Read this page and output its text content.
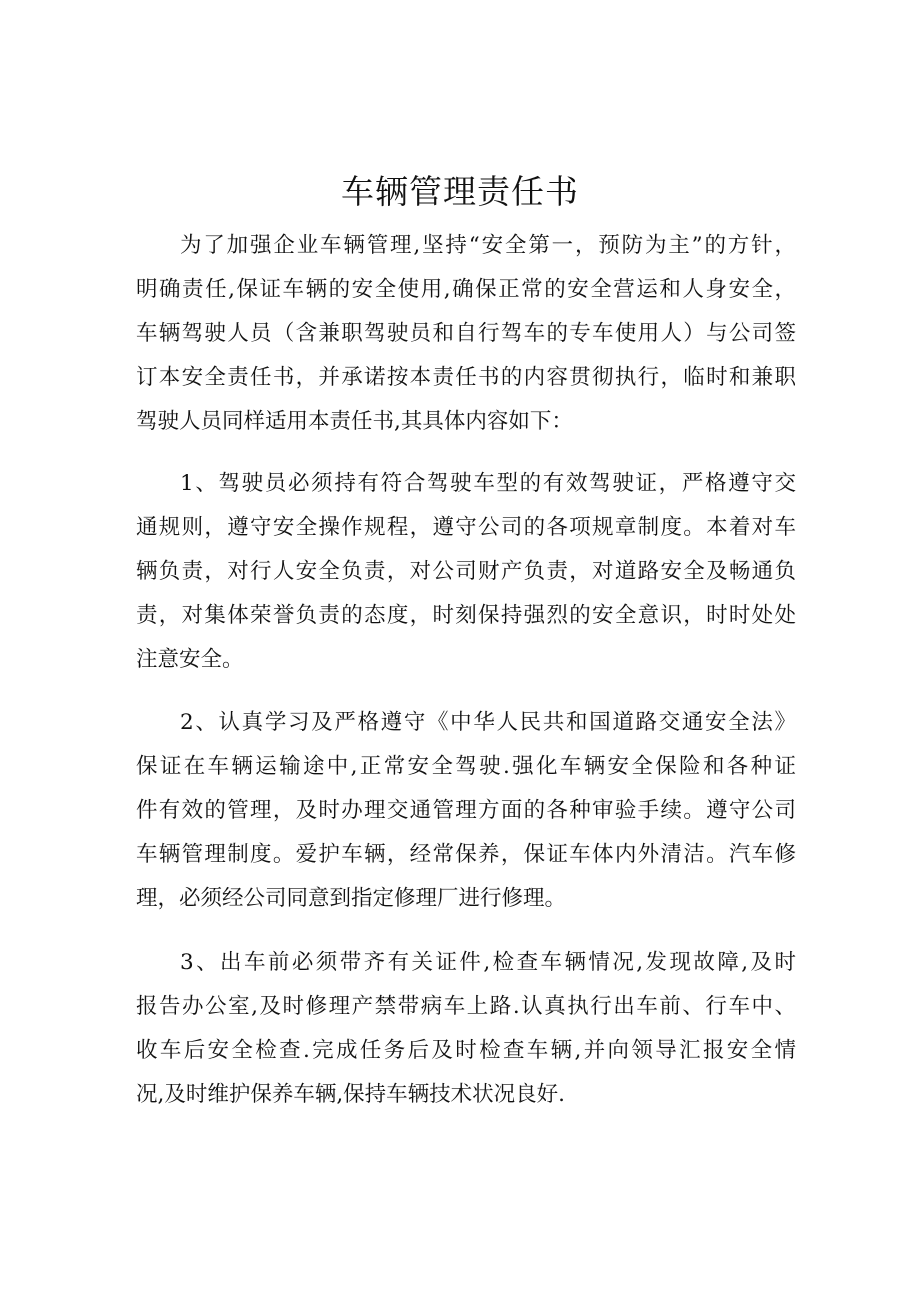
车辆管理责任书
为了加强企业车辆管理,坚持“安全第一，预防为主”的方针，
明确责任,保证车辆的安全使用,确保正常的安全营运和人身安全，
车辆驾驶人员（含兼职驾驶员和自行驾车的专车使用人）与公司签
订本安全责任书，并承诺按本责任书的内容贯彻执行，临时和兼职
驾驶人员同样适用本责任书,其具体内容如下：
1、驾驶员必须持有符合驾驶车型的有效驾驶证，严格遵守交
通规则，遵守安全操作规程，遵守公司的各项规章制度。本着对车
辆负责，对行人安全负责，对公司财产负责，对道路安全及畅通负
责，对集体荣誉负责的态度，时刻保持强烈的安全意识，时时处处
注意安全。
2、认真学习及严格遵守《中华人民共和国道路交通安全法》
保证在车辆运输途中,正常安全驾驶.强化车辆安全保险和各种证
件有效的管理，及时办理交通管理方面的各种审验手续。遵守公司
车辆管理制度。爱护车辆，经常保养，保证车体内外清洁。汽车修
理，必须经公司同意到指定修理厂进行修理。
3、出车前必须带齐有关证件,检查车辆情况,发现故障,及时
报告办公室,及时修理产禁带病车上路.认真执行出车前、行车中、
收车后安全检查.完成任务后及时检查车辆,并向领导汇报安全情
况,及时维护保养车辆,保持车辆技术状况良好.
